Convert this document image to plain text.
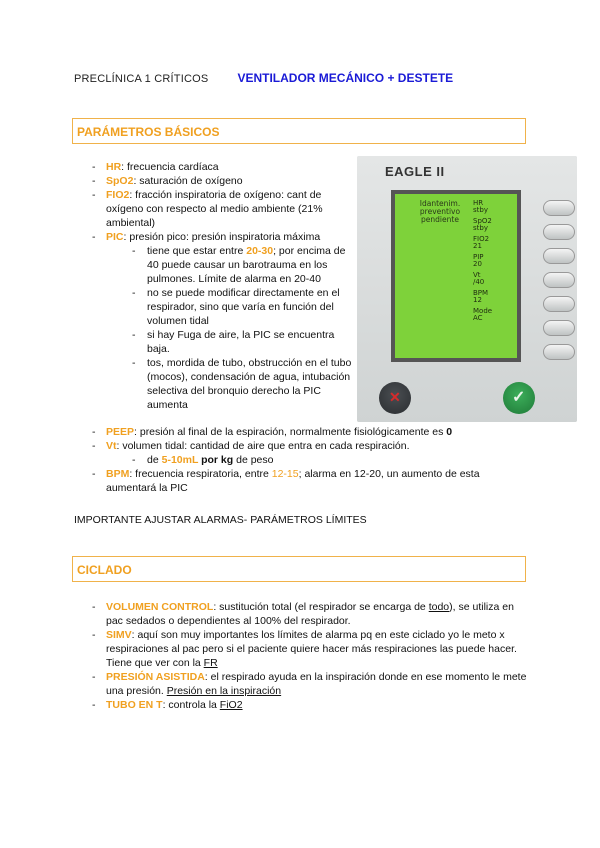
PRECLÍNICA 1 CRÍTICOS VENTILADOR MECÁNICO + DESTETE
PARÁMETROS BÁSICOS
- HR: frecuencia cardíaca
- SpO2: saturación de oxígeno
- FIO2: fracción inspiratoria de oxígeno: cant de oxígeno con respecto al medio ambiente (21% ambiental)
- PIC: presión pico: presión inspiratoria máxima
- tiene que estar entre 20-30; por encima de 40 puede causar un barotrauma en los pulmones. Límite de alarma en 20-40
- no se puede modificar directamente en el respirador, sino que varía en función del volumen tidal
- si hay Fuga de aire, la PIC se encuentra baja.
- tos, mordida de tubo, obstrucción en el tubo (mocos), condensación de agua, intubación selectiva del bronquio derecho la PIC aumenta
- PEEP: presión al final de la espiración, normalmente fisiológicamente es 0
- Vt: volumen tidal: cantidad de aire que entra en cada respiración.
- de 5-10mL por kg de peso
- BPM: frecuencia respiratoria, entre 12-15; alarma en 12-20, un aumento de esta aumentará la PIC
IMPORTANTE AJUSTAR ALARMAS- PARÁMETROS LÍMITES
CICLADO
- VOLUMEN CONTROL: sustitución total (el respirador se encarga de todo), se utiliza en pac sedados o dependientes al 100% del respirador.
- SIMV: aquí son muy importantes los límites de alarma pq en este ciclado yo le meto x respiraciones al pac pero si el paciente quiere hacer más respiraciones las puede hacer. Tiene que ver con la FR
- PRESIÓN ASISTIDA: el respirado ayuda en la inspiración donde en ese momento le mete una presión. Presión en la inspiración
- TUBO EN T: controla la FiO2
EAGLE II
Idantenim. preventivo pendiente
HR
stby
SpO2
stby
FIO2
21
PIP
20
Vt
/40
BPM
12
Mode
AC
✕
✓
